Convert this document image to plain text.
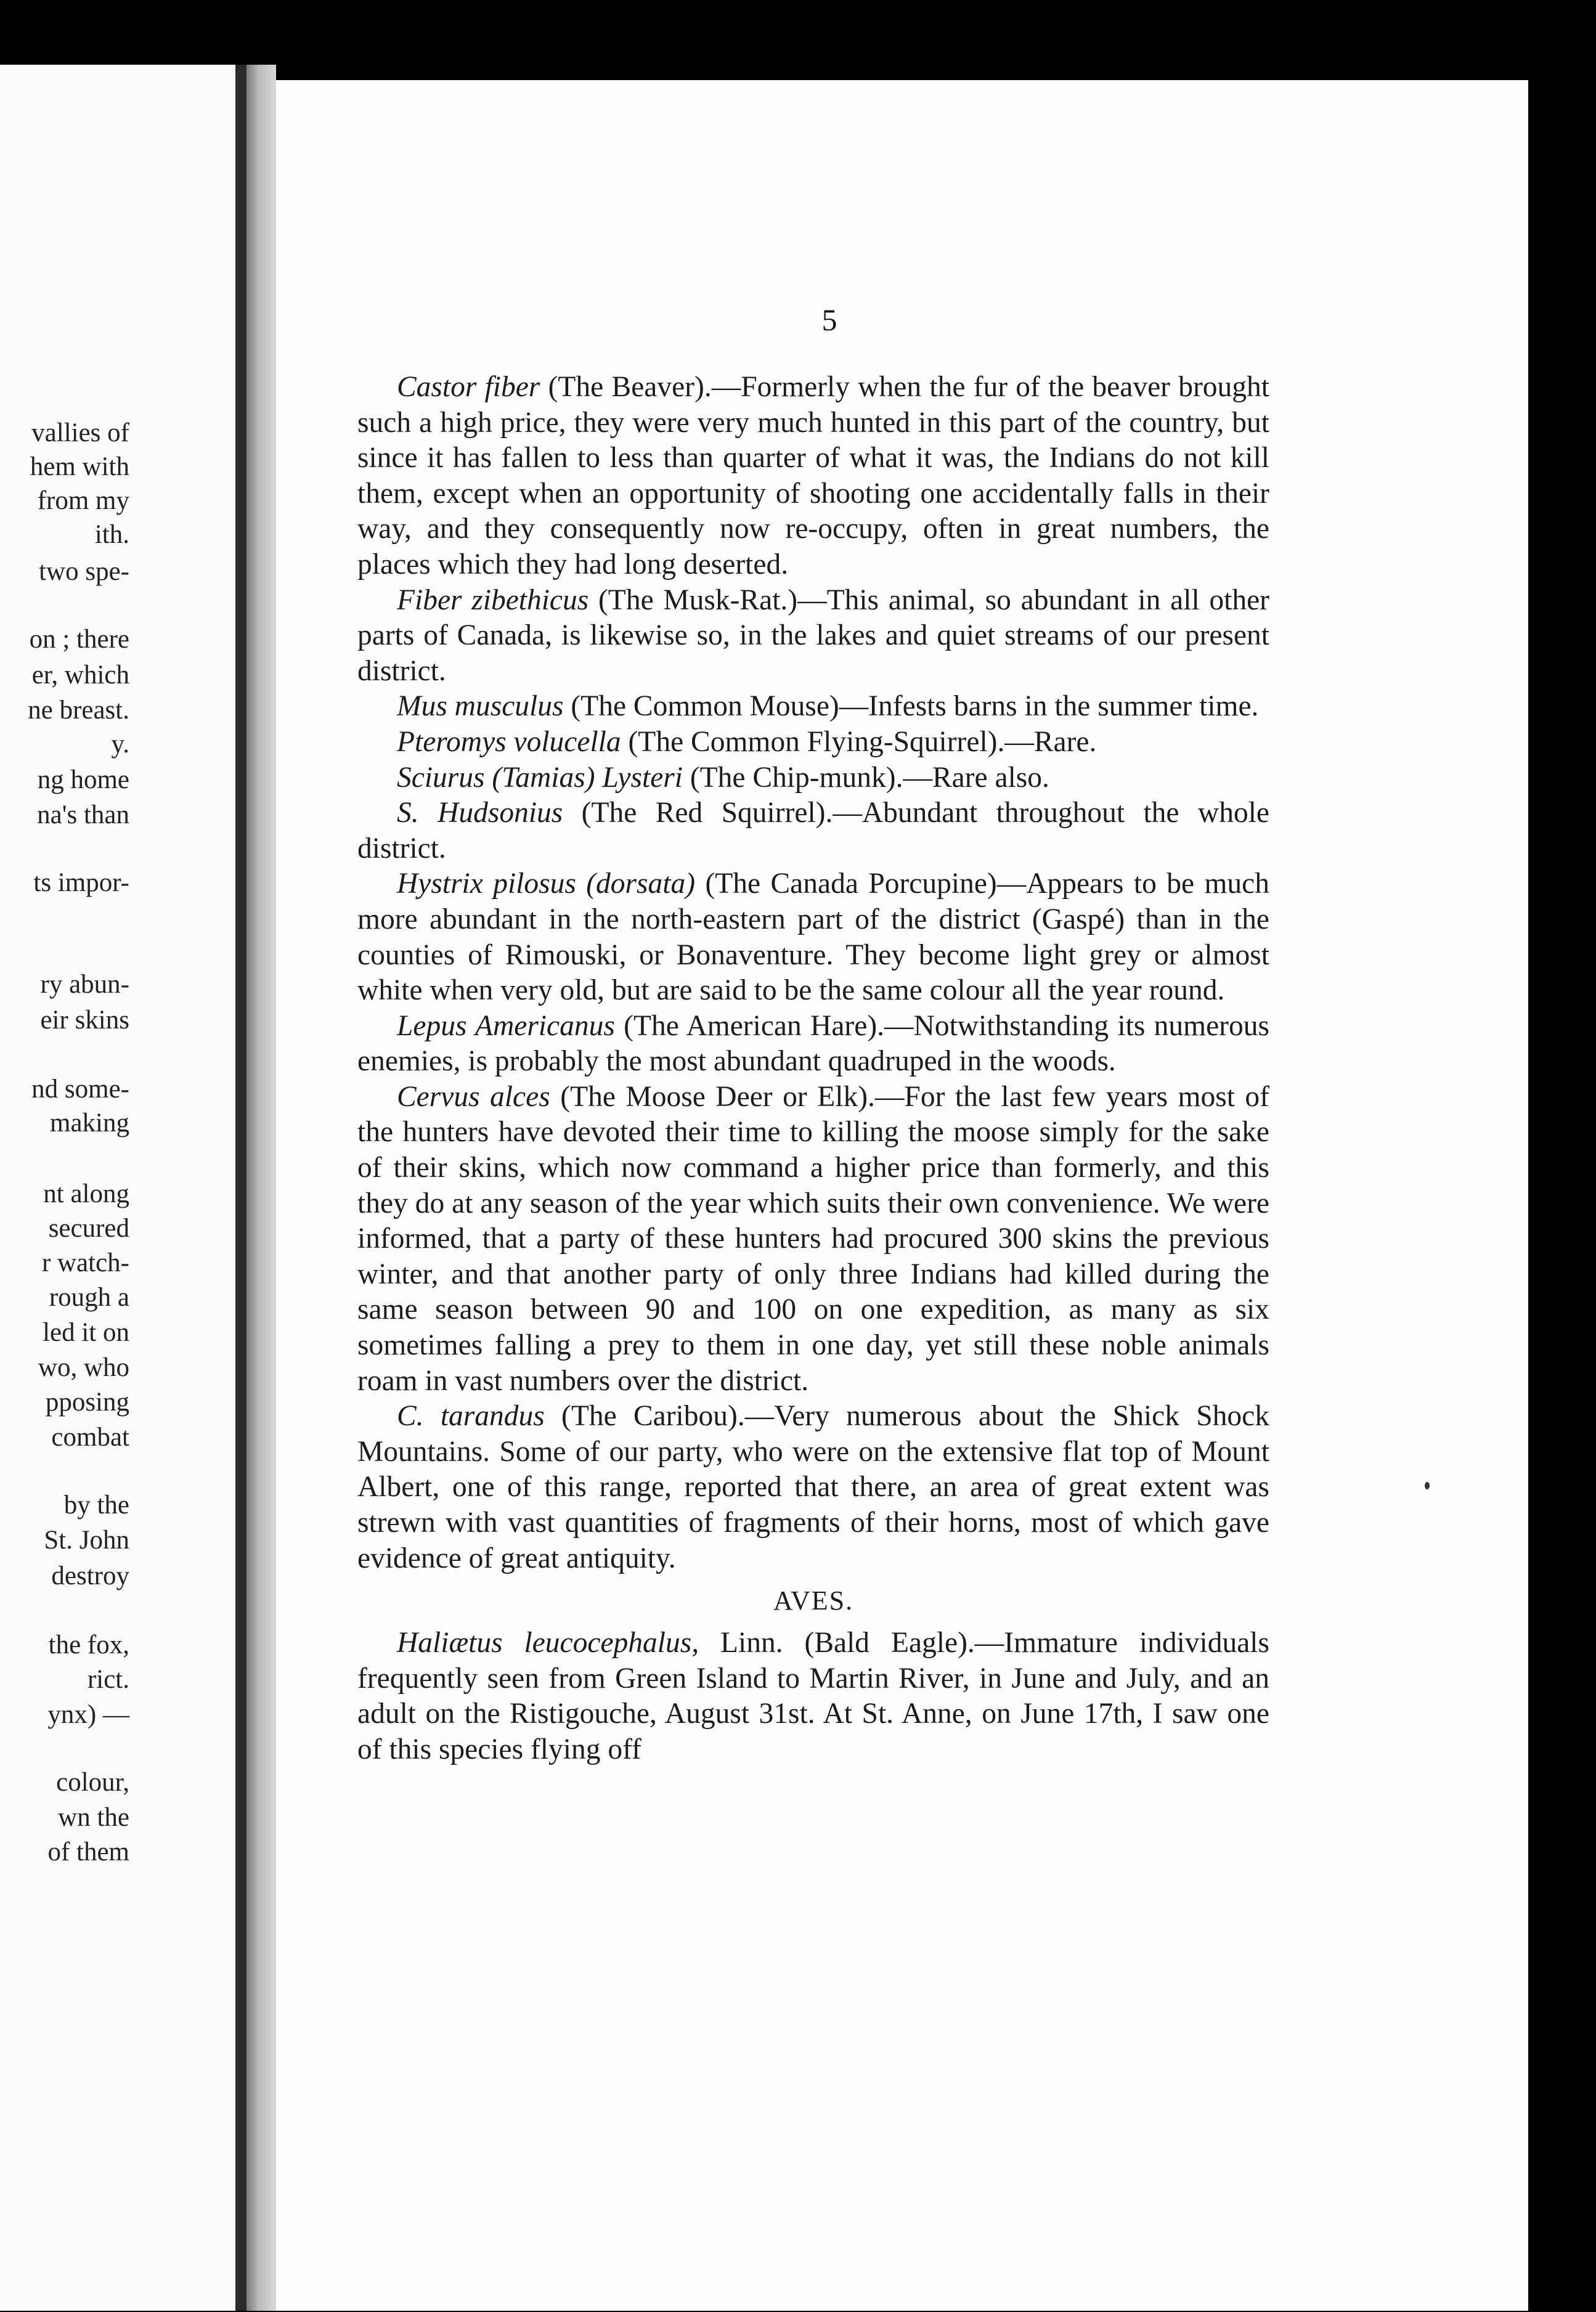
vallies of
hem with
from my
ith.
two spe-
on ; there
er, which
ne breast.
y.
ng home
na's than
ts impor-
ry abun-
eir skins
nd some-
making
nt along
secured
r watch-
rough a
led it on
wo, who
pposing
combat
by the
St. John
destroy
the fox,
rict.
ynx) —
colour,
wn the
of them
5

Castor fiber (The Beaver).—Formerly when the fur of the beaver brought such a high price, they were very much hunted in this part of the country, but since it has fallen to less than quarter of what it was, the Indians do not kill them, except when an opportunity of shooting one accidentally falls in their way, and they consequently now re-occupy, often in great numbers, the places which they had long deserted.

Fiber zibethicus (The Musk-Rat.)—This animal, so abundant in all other parts of Canada, is likewise so, in the lakes and quiet streams of our present district.

Mus musculus (The Common Mouse)—Infests barns in the summer time.

Pteromys volucella (The Common Flying-Squirrel).—Rare.

Sciurus (Tamias) Lysteri (The Chip-munk).—Rare also.

S. Hudsonius (The Red Squirrel).—Abundant throughout the whole district.

Hystrix pilosus (dorsata) (The Canada Porcupine)—Appears to be much more abundant in the north-eastern part of the district (Gaspé) than in the counties of Rimouski, or Bonaventure. They become light grey or almost white when very old, but are said to be the same colour all the year round.

Lepus Americanus (The American Hare).—Notwithstanding its numerous enemies, is probably the most abundant quadruped in the woods.

Cervus alces (The Moose Deer or Elk).—For the last few years most of the hunters have devoted their time to killing the moose simply for the sake of their skins, which now command a higher price than formerly, and this they do at any season of the year which suits their own convenience. We were informed, that a party of these hunters had procured 300 skins the previous winter, and that another party of only three Indians had killed during the same season between 90 and 100 on one expedition, as many as six sometimes falling a prey to them in one day, yet still these noble animals roam in vast numbers over the district.

C. tarandus (The Caribou).—Very numerous about the Shick Shock Mountains. Some of our party, who were on the extensive flat top of Mount Albert, one of this range, reported that there, an area of great extent was strewn with vast quantities of fragments of their horns, most of which gave evidence of great antiquity.

AVES.

Haliætus leucocephalus, Linn. (Bald Eagle).—Immature individuals frequently seen from Green Island to Martin River, in June and July, and an adult on the Ristigouche, August 31st. At St. Anne, on June 17th, I saw one of this species flying off
